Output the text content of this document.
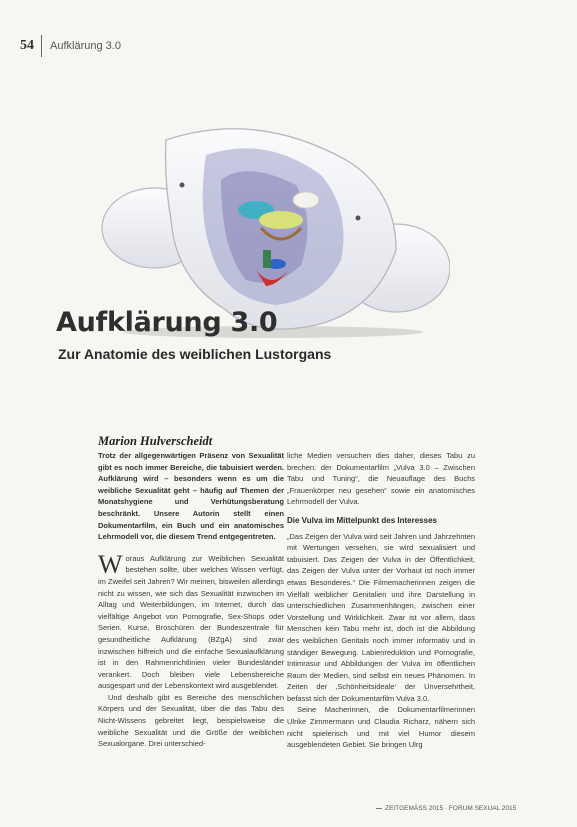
54 Aufklärung 3.0
Aufklärung 3.0
Zur Anatomie des weiblichen Lustorgans
Marion Hulverscheidt

Trotz der allgegenwärtigen Präsenz von Sexualität gibt es noch immer Bereiche, die tabuisiert werden. Aufklärung wird – besonders wenn es um die weibliche Sexualität geht – häufig auf Themen der Monatshygiene und Verhütungsberatung beschränkt. Unsere Autorin stellt einen Dokumentarfilm, ein Buch und ein anatomisches Lehrmodell vor, die diesem Trend entgegentreten.

Woraus Aufklärung zur Weiblichen Sexualität bestehen sollte, über welches Wissen verfügt, im Zweifel seit Jahren? Wir meinen, bisweilen allerdings nicht zu wissen, wie sich das Sexualität inzwischen im Alltag und Weiterbildungen, im Internet, durch das vielfältige Angebot von Pornografie, Sex-Shops oder Serien. Kurse, Broschüren der Bundeszentrale für gesundheitliche Aufklärung (BZgA) sind zwar inzwischen hilfreich und die einfache Sexualaufklärung ist in den Rahmenrichtlinien vieler Bundesländer verankert. Doch bleiben viele Lebensbereiche ausgespart und der Lebenskontext wird ausgeblendet.

Und deshalb gibt es Bereiche des menschlichen Körpers und der Sexualität, über die das Tabu des Nicht-Wissens gebreitet liegt, beispielsweise die weibliche Sexualität und die Größe der weiblichen Sexualorgane. Drei unterschied-

liche Medien versuchen dies daher, dieses Tabu zu brechen: der Dokumentarfilm „Vulva 3.0 – Zwischen Tabu und Tuning“, die Neuauflage des Buchs „Frauenkörper neu gesehen“ sowie ein anatomisches Lehrmodell der Vulva.

Die Vulva im Mittelpunkt des Interesses

„Das Zeigen der Vulva wird seit Jahren und Jahrzehnten mit Wertungen versehen, sie wird sexualisiert und tabuisiert. Das Zeigen der Vulva in der Öffentlichkeit, das Zeigen der Vulva unter der Vorhaut ist noch immer etwas Besonderes.“ Die Filmemacherinnen zeigen die Vielfalt weiblicher Genitalien und ihre Darstellung in unterschiedlichen Zusammenhängen, zwischen einer Vorstellung und Wirklichkeit. Zwar ist vor allem, dass Menschen kein Tabu mehr ist, doch ist die Abbildung des weiblichen Genitals noch immer informativ und in ständiger Bewegung. Labienreduktion und Pornografie, Intimrasur und Abbildungen der Vulva im öffentlichen Raum der Medien, sind selbst ein neues Phänomen. In Zeiten der ‚Schönheitsideale‘ der Unversehrtheit, befasst sich der Dokumentarfilm Vulva 3.0.

Seine Macherinnen, die Dokumentarfilmerinnen Ulrike Zimmermann und Claudia Richarz, nähern sich nicht spielerisch und mit viel Humor diesem ausgeblendeten Gebiet. Sie bringen Ulrg

ZEITGEMÄSS 2015 · FORUM SEXUAL 2015
